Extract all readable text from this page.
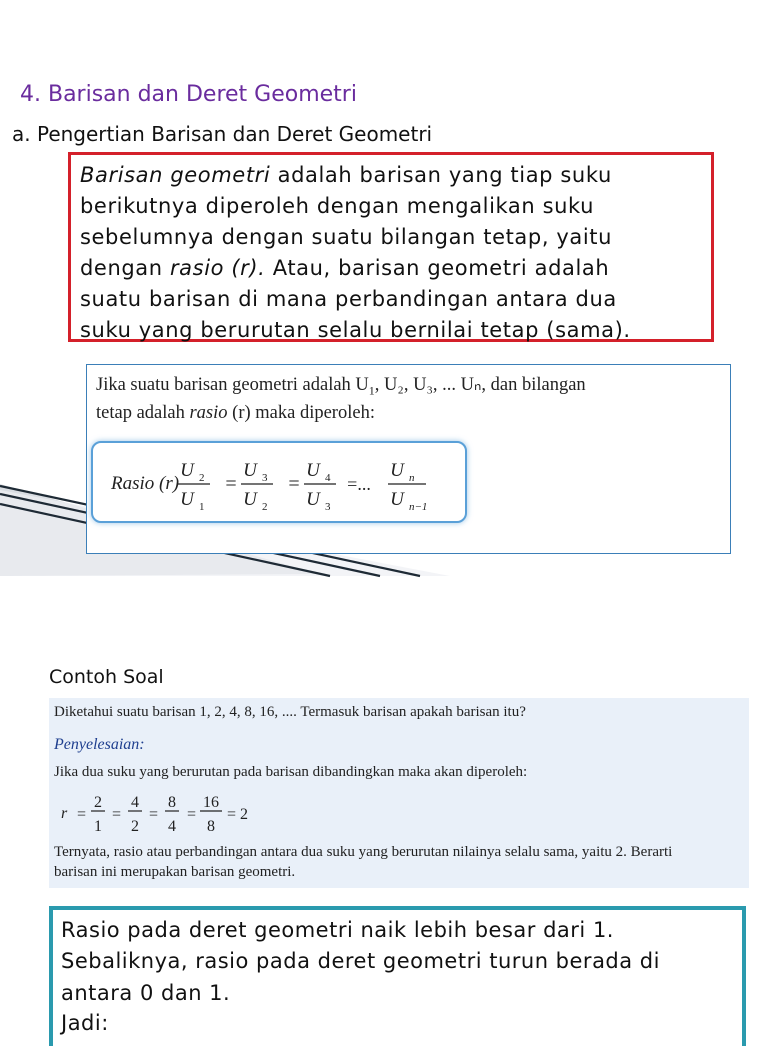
4. Barisan dan Deret Geometri
a. Pengertian Barisan dan Deret Geometri
Barisan geometri adalah barisan yang tiap suku
berikutnya diperoleh dengan mengalikan suku
sebelumnya dengan suatu bilangan tetap, yaitu
dengan rasio (r). Atau, barisan geometri adalah
suatu barisan di mana perbandingan antara dua
suku yang berurutan selalu bernilai tetap (sama).
Jika suatu barisan geometri adalah $U_1$, U₂, U₃, ... Uₙ, dan bilangan
tetap adalah rasio (r) maka diperoleh:
Rasio (r)
U 2
U 1
U 3
U 2
U 4
U 3
U n
U n−1
=	=	=...
Contoh Soal
Diketahui suatu barisan 1, 2, 4, 8, 16, .... Termasuk barisan apakah barisan itu?
Penyelesaian:
Jika dua suku yang berurutan pada barisan dibandingkan maka akan diperoleh:
r =
2
1
=
4
2
=
8
4
=
16
8
= 2
Ternyata, rasio atau perbandingan antara dua suku yang berurutan nilainya selalu sama, yaitu 2. Berarti
barisan ini merupakan barisan geometri.
Rasio pada deret geometri naik lebih besar dari 1.
Sebaliknya, rasio pada deret geometri turun berada di
antara 0 dan 1.
Jadi:
